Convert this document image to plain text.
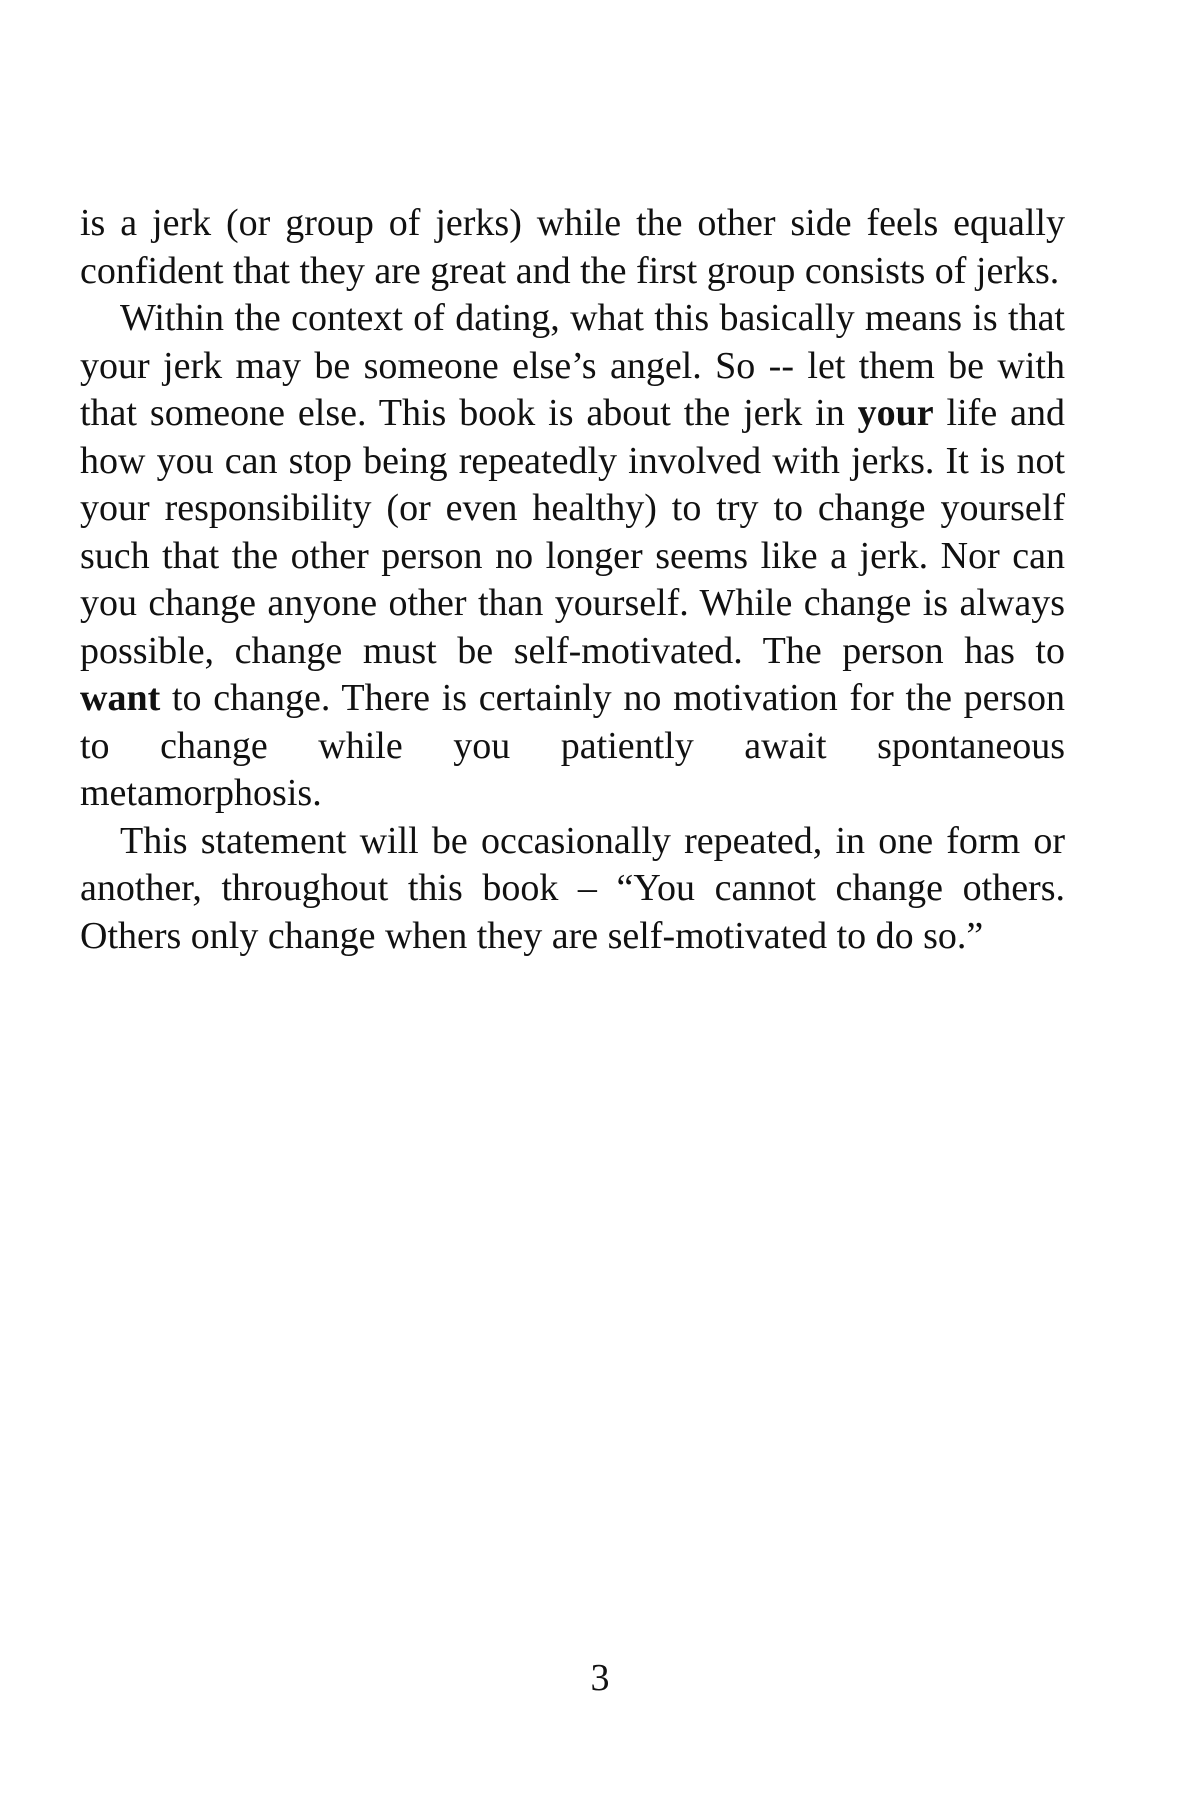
is a jerk (or group of jerks) while the other side feels equally confident that they are great and the first group consists of jerks.

Within the context of dating, what this basically means is that your jerk may be someone else’s angel. So -- let them be with that someone else. This book is about the jerk in your life and how you can stop being repeatedly involved with jerks. It is not your responsibility (or even healthy) to try to change yourself such that the other person no longer seems like a jerk. Nor can you change anyone other than yourself. While change is always possible, change must be self-motivated. The person has to want to change. There is certainly no motivation for the person to change while you patiently await spontaneous metamorphosis.

This statement will be occasionally repeated, in one form or another, throughout this book – “You cannot change others. Others only change when they are self-motivated to do so.”

3
